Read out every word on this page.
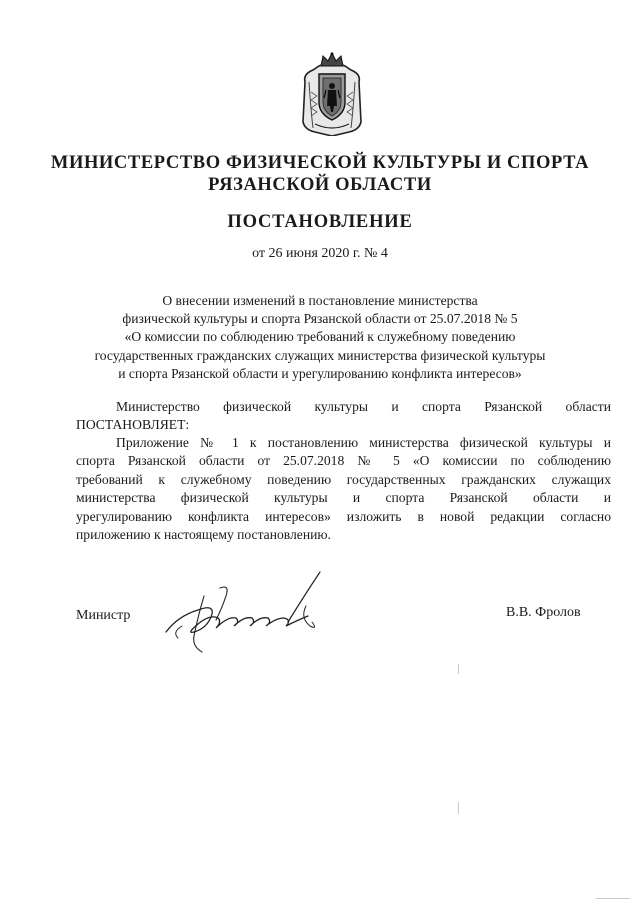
МИНИСТЕРСТВО ФИЗИЧЕСКОЙ КУЛЬТУРЫ И СПОРТА
РЯЗАНСКОЙ ОБЛАСТИ
ПОСТАНОВЛЕНИЕ
от 26 июня 2020 г. № 4
О внесении изменений в постановление министерства
физической культуры и спорта Рязанской области от 25.07.2018 № 5
«О комиссии по соблюдению требований к служебному поведению
государственных гражданских служащих министерства физической культуры
и спорта Рязанской области и урегулированию конфликта интересов»
Министерство физической культуры и спорта Рязанской области
ПОСТАНОВЛЯЕТ:
Приложение № 1 к постановлению министерства физической культуры и
спорта Рязанской области от 25.07.2018 № 5 «О комиссии по соблюдению
требований к служебному поведению государственных гражданских служащих
министерства физической культуры и спорта Рязанской области и
урегулированию конфликта интересов» изложить в новой редакции согласно
приложению к настоящему постановлению.
Министр	В.В. Фролов
